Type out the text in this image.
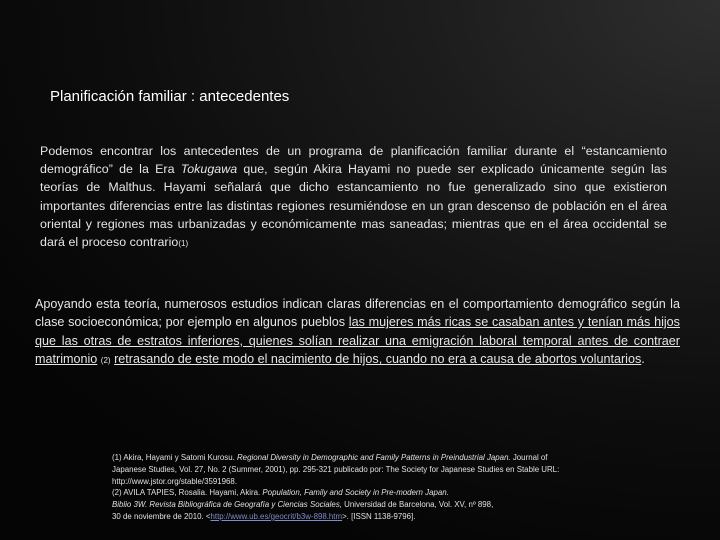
Planificación familiar : antecedentes

Podemos encontrar los antecedentes de un programa de planificación familiar durante el “estancamiento demográfico” de la Era Tokugawa que, según Akira Hayami no puede ser explicado únicamente según las teorías de Malthus. Hayami señalará que dicho estancamiento no fue generalizado sino que existieron importantes diferencias entre las distintas regiones resumiéndose en un gran descenso de población en el área oriental y regiones mas urbanizadas y económicamente mas saneadas; mientras que en el área occidental se dará el proceso contrario(1)

Apoyando esta teoría, numerosos estudios indican claras diferencias en el comportamiento demográfico según la clase socioeconómica; por ejemplo en algunos pueblos las mujeres más ricas se casaban antes y tenían más hijos que las otras de estratos inferiores, quienes solían realizar una emigración laboral temporal antes de contraer matrimonio (2) retrasando de este modo el nacimiento de hijos, cuando no era a causa de abortos voluntarios.

(1) Akira, Hayami y Satomi Kurosu. Regional Diversity in Demographic and Family Patterns in Preindustrial Japan. Journal of
Japanese Studies, Vol. 27, No. 2 (Summer, 2001), pp. 295-321 publicado por: The Society for Japanese Studies en Stable URL:
http://www.jstor.org/stable/3591968.
(2) AVILA TAPIES, Rosalia. Hayami, Akira. Population, Family and Society in Pre-modern Japan.
Biblio 3W. Revista Bibliográfica de Geografía y Ciencias Sociales, Universidad de Barcelona, Vol. XV, nº 898,
30 de noviembre de 2010. <http://www.ub.es/geocrit/b3w-898.htm>. [ISSN 1138-9796].
